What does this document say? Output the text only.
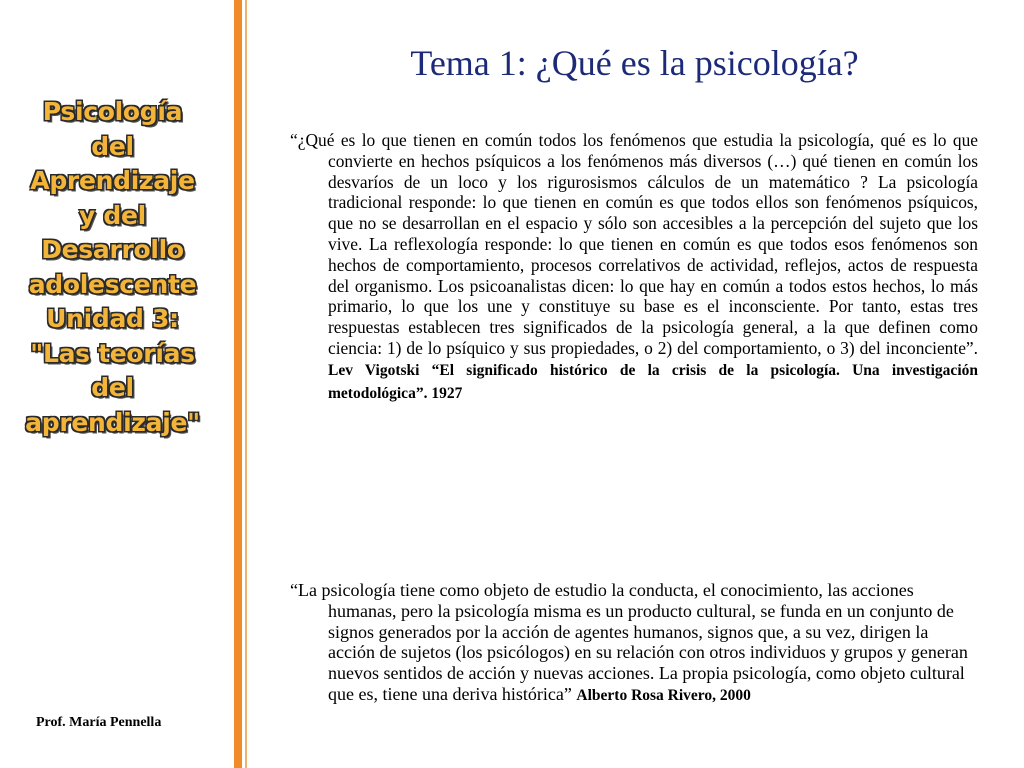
Psicología
del
Aprendizaje
y del
Desarrollo
adolescente
Unidad 3:
"Las teorías
del
aprendizaje"
Prof. María Pennella
Tema 1: ¿Qué es la psicología?

“¿Qué es lo que tienen en común todos los fenómenos que estudia la psicología, qué es lo que convierte en hechos psíquicos a los fenómenos más diversos (…) qué tienen en común los desvaríos de un loco y los rigurosismos cálculos de un matemático ? La psicología tradicional responde: lo que tienen en común es que todos ellos son fenómenos psíquicos, que no se desarrollan en el espacio y sólo son accesibles a la percepción del sujeto que los vive. La reflexología responde: lo que tienen en común es que todos esos fenómenos son hechos de comportamiento, procesos correlativos de actividad, reflejos, actos de respuesta del organismo. Los psicoanalistas dicen: lo que hay en común a todos estos hechos, lo más primario, lo que los une y constituye su base es el inconsciente. Por tanto, estas tres respuestas establecen tres significados de la psicología general, a la que definen como ciencia: 1) de lo psíquico y sus propiedades, o 2) del comportamiento, o 3) del inconciente”. Lev Vigotski “El significado histórico de la crisis de la psicología. Una investigación metodológica”. 1927

“La psicología tiene como objeto de estudio la conducta, el conocimiento, las acciones humanas, pero la psicología misma es un producto cultural, se funda en un conjunto de signos generados por la acción de agentes humanos, signos que, a su vez, dirigen la acción de sujetos (los psicólogos) en su relación con otros individuos y grupos y generan nuevos sentidos de acción y nuevas acciones. La propia psicología, como objeto cultural que es, tiene una deriva histórica” Alberto Rosa Rivero, 2000
